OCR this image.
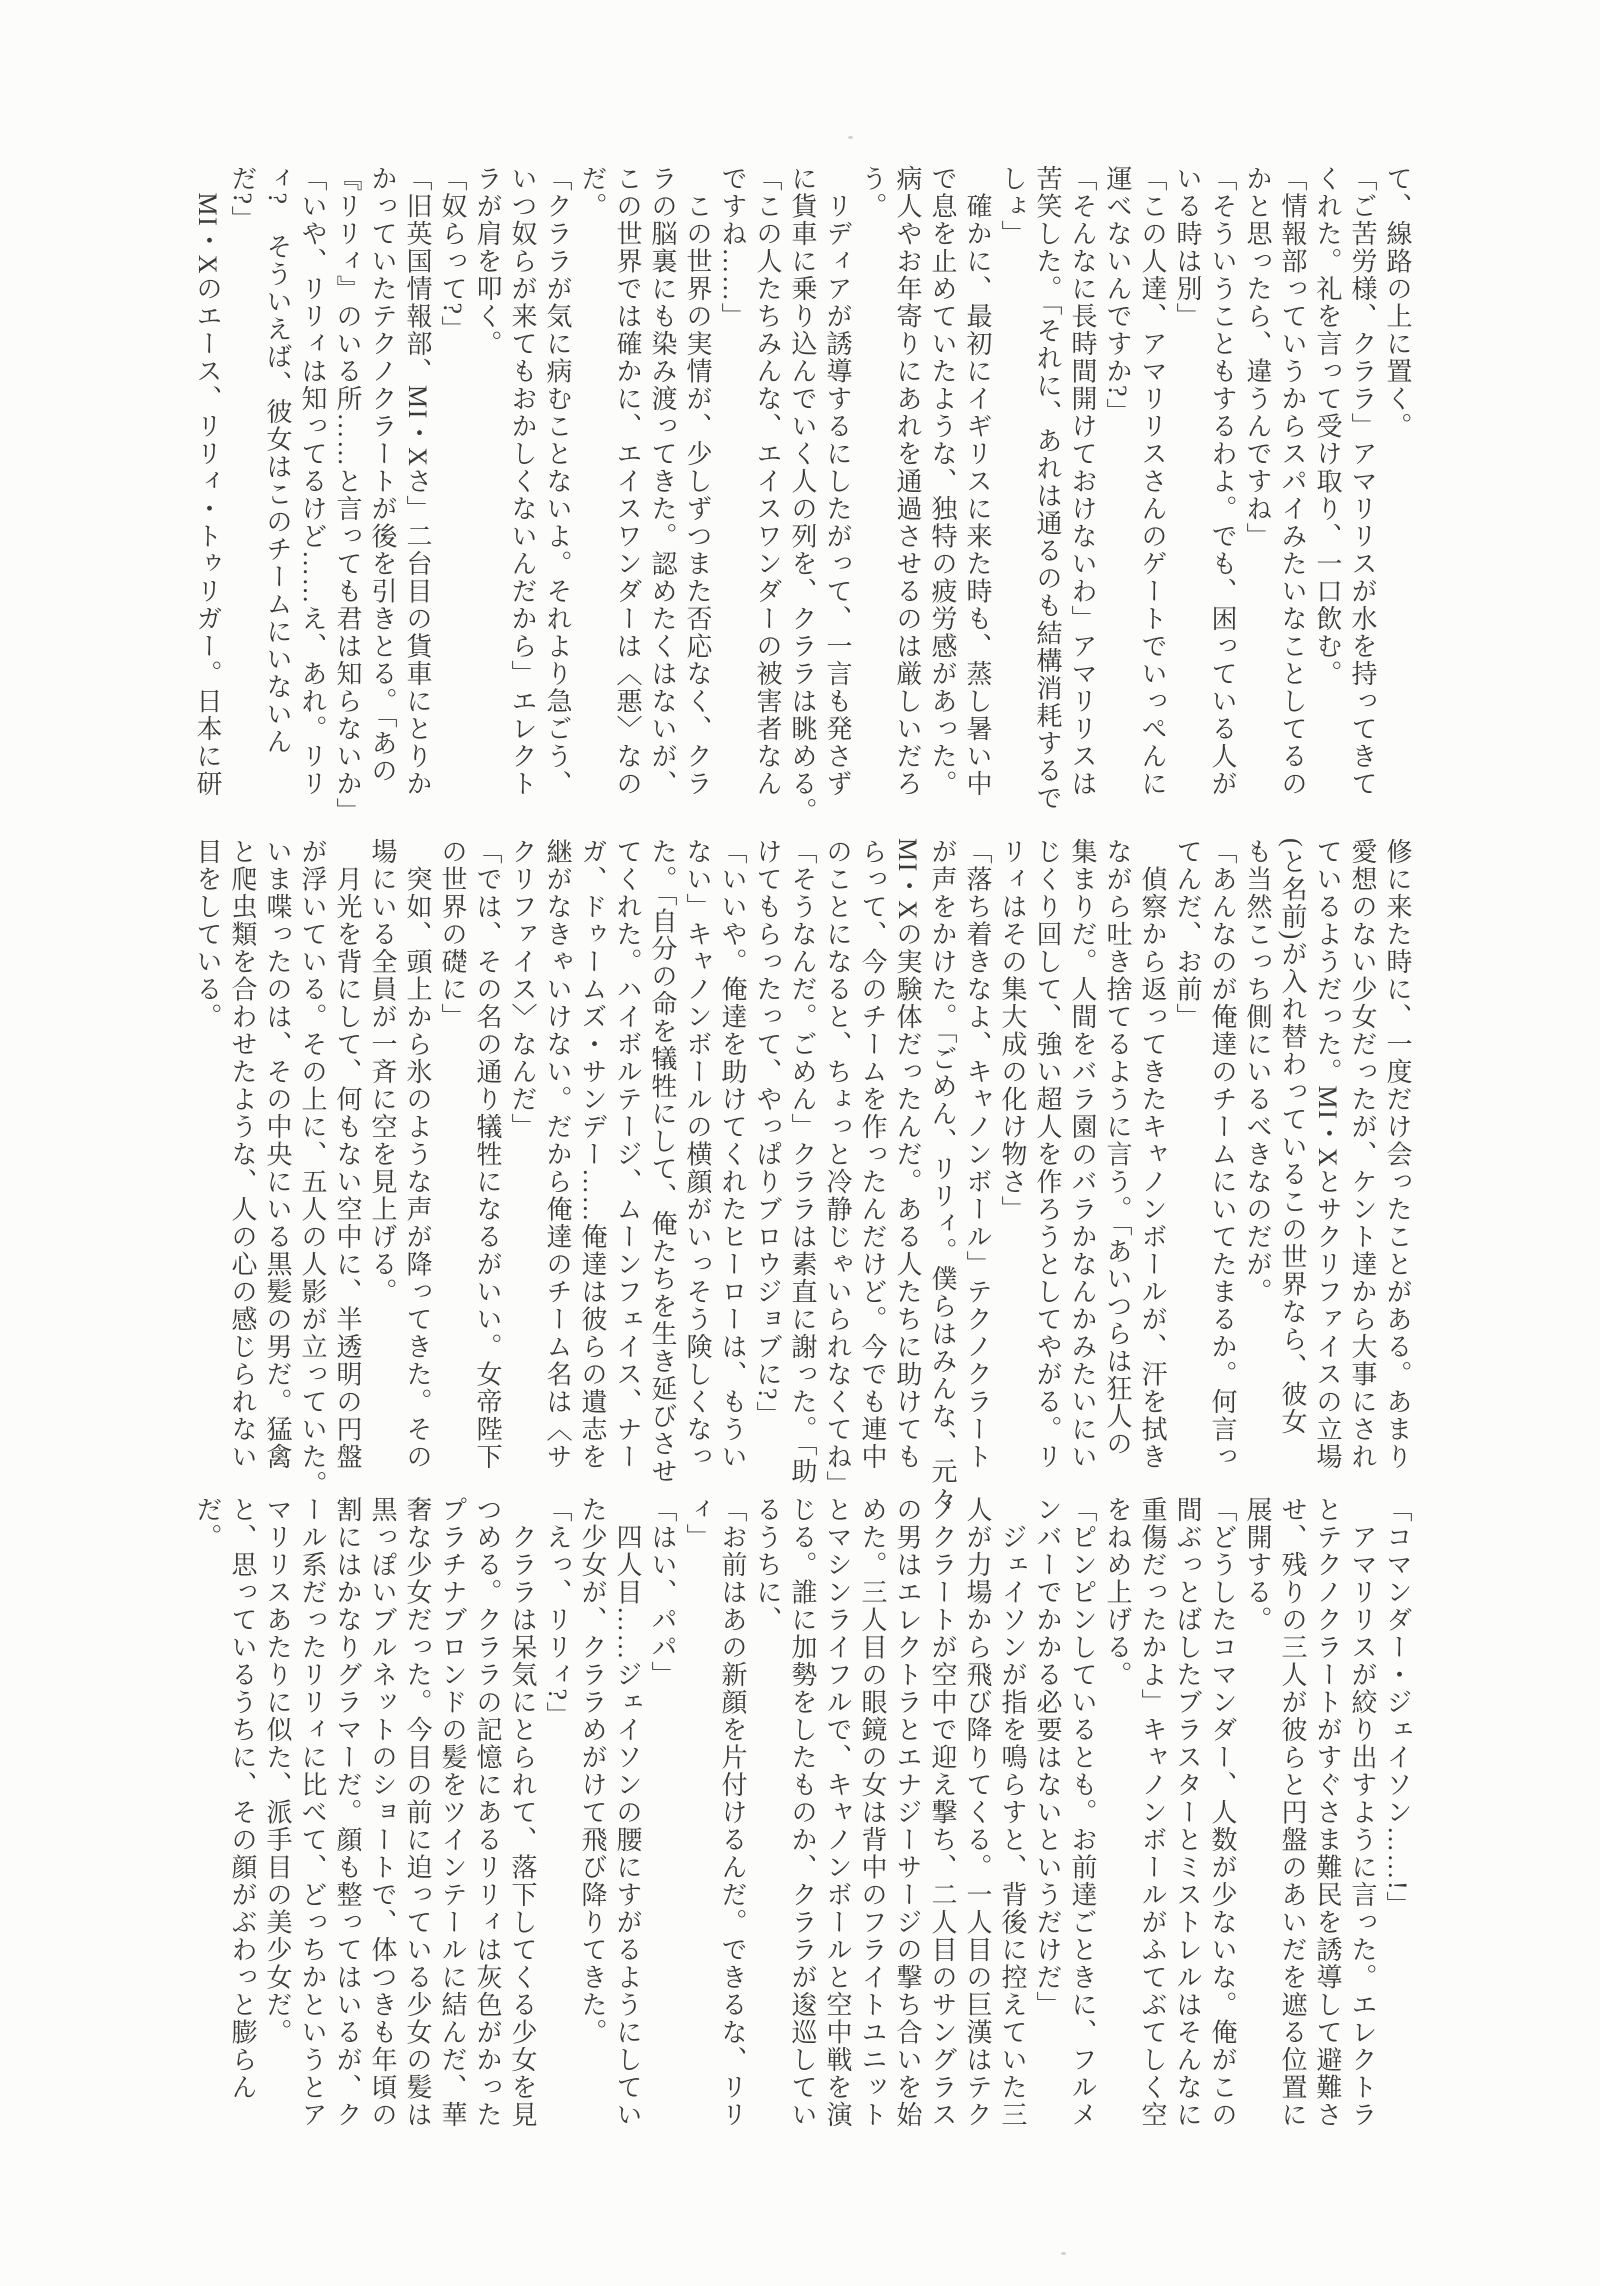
て、線路の上に置く。
「ご苦労様、クララ」アマリリスが水を持ってきて
くれた。礼を言って受け取り、一口飲む。
「情報部っていうからスパイみたいなことしてるの
かと思ったら、違うんですね」
「そういうこともするわよ。でも、困っている人が
いる時は別」
「この人達、アマリリスさんのゲートでいっぺんに
運べないんですか?」
「そんなに長時間開けておけないわ」アマリリスは
苦笑した。「それに、あれは通るのも結構消耗するで
しょ」
　確かに、最初にイギリスに来た時も、蒸し暑い中
で息を止めていたような、独特の疲労感があった。
病人やお年寄りにあれを通過させるのは厳しいだろ
う。
　リディアが誘導するにしたがって、一言も発さず
に貨車に乗り込んでいく人の列を、クララは眺める。
「この人たちみんな、エイスワンダーの被害者なん
ですね……」
　この世界の実情が、少しずつまた否応なく、クラ
ラの脳裏にも染み渡ってきた。認めたくはないが、
この世界では確かに、エイスワンダーは〈悪〉なの
だ。
「クララが気に病むことないよ。それより急ごう、
いつ奴らが来てもおかしくないんだから」エレクト
ラが肩を叩く。
「奴らって?」
「旧英国情報部、MI・Xさ」二台目の貨車にとりか
かっていたテクノクラートが後を引きとる。「あの
『リリィ』のいる所……と言っても君は知らないか」
「いや、リリィは知ってるけど……え、あれ。リリ
ィ?　そういえば、彼女はこのチームにいないん
だ?」
　MI・Xのエース、リリィ・トゥリガー。日本に研
修に来た時に、一度だけ会ったことがある。あまり
愛想のない少女だったが、ケント達から大事にされ
ているようだった。MI・Xとサクリファイスの立場
(と名前)が入れ替わっているこの世界なら、彼女
も当然こっち側にいるべきなのだが。
「あんなのが俺達のチームにいてたまるか。何言っ
てんだ、お前」
　偵察から返ってきたキャノンボールが、汗を拭き
ながら吐き捨てるように言う。「あいつらは狂人の
集まりだ。人間をバラ園のバラかなんかみたいにい
じくり回して、強い超人を作ろうとしてやがる。リ
リィはその集大成の化け物さ」
「落ち着きなよ、キャノンボール」テクノクラート
が声をかけた。「ごめん、リリィ。僕らはみんな、元々
MI・Xの実験体だったんだ。ある人たちに助けても
らって、今のチームを作ったんだけど。今でも連中
のことになると、ちょっと冷静じゃいられなくてね」
「そうなんだ。ごめん」クララは素直に謝った。「助
けてもらったって、やっぱりブロウジョブに?」
「いいや。俺達を助けてくれたヒーローは、もうい
ない」キャノンボールの横顔がいっそう険しくなっ
た。「自分の命を犠牲にして、俺たちを生き延びさせ
てくれた。ハイボルテージ、ムーンフェイス、ナー
ガ、ドゥームズ・サンデー……俺達は彼らの遺志を
継がなきゃいけない。だから俺達のチーム名は〈サ
クリファイス〉なんだ」
「では、その名の通り犠牲になるがいい。女帝陛下
の世界の礎に」
　突如、頭上から氷のような声が降ってきた。その
場にいる全員が一斉に空を見上げる。
　月光を背にして、何もない空中に、半透明の円盤
が浮いている。その上に、五人の人影が立っていた。
いま喋ったのは、その中央にいる黒髪の男だ。猛禽
と爬虫類を合わせたような、人の心の感じられない
目をしている。
「コマンダー・ジェイソン……!」
　アマリリスが絞り出すように言った。エレクトラ
とテクノクラートがすぐさま難民を誘導して避難さ
せ、残りの三人が彼らと円盤のあいだを遮る位置に
展開する。
「どうしたコマンダー、人数が少ないな。俺がこの
間ぶっとばしたブラスターとミストレルはそんなに
重傷だったかよ」キャノンボールがふてぶてしく空
をねめ上げる。
「ピンピンしているとも。お前達ごときに、フルメ
ンバーでかかる必要はないというだけだ」
　ジェイソンが指を鳴らすと、背後に控えていた三
人が力場から飛び降りてくる。一人目の巨漢はテク
ノクラートが空中で迎え撃ち、二人目のサングラス
の男はエレクトラとエナジーサージの撃ち合いを始
めた。三人目の眼鏡の女は背中のフライトユニット
とマシンライフルで、キャノンボールと空中戦を演
じる。誰に加勢をしたものか、クララが逡巡してい
るうちに、
「お前はあの新顔を片付けるんだ。できるな、リリ
ィ」
「はい、パパ」
　四人目……ジェイソンの腰にすがるようにしてい
た少女が、クララめがけて飛び降りてきた。
「えっ、リリィ?」
　クララは呆気にとられて、落下してくる少女を見
つめる。クララの記憶にあるリリィは灰色がかった
プラチナブロンドの髪をツインテールに結んだ、華
奢な少女だった。今目の前に迫っている少女の髪は
黒っぽいブルネットのショートで、体つきも年頃の
割にはかなりグラマーだ。顔も整ってはいるが、ク
ール系だったリリィに比べて、どっちかというとア
マリリスあたりに似た、派手目の美少女だ。
と、思っているうちに、その顔がぶわっと膨らん
だ。
